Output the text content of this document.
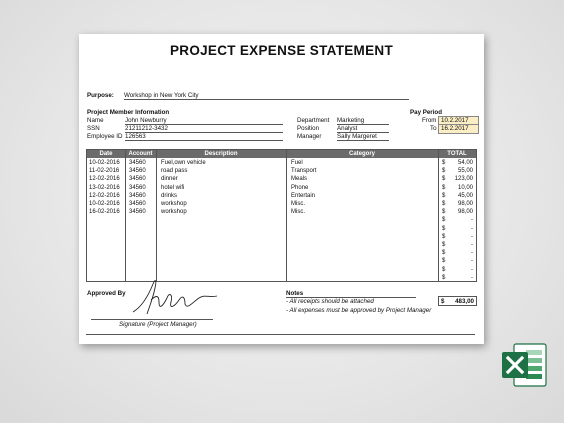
PROJECT EXPENSE STATEMENT
Purpose: Workshop in New York City
Project Member Information
Name	John Newburry
SSN	21211212-3432
Employee ID 126563
Department Marketing
Position	Analyst
Manager	Sally Margeret
Pay Period
From 10.2.2017
To 16.2.2017
Date	Account	Description	Category	TOTAL
10-02-2016 34560	Fuel,own vehicle	Fuel	$ 54,00
11-02-2016 34560	road pass	Transport	$ 55,00
12-02-2016 34560	dinner	Meals	$ 123,00
13-02-2016 34560	hotel wifi	Phone	$ 10,00
12-02-2016 34560	drinks	Entertain	$ 45,00
10-02-2016 34560	workshop	Misc.	$ 98,00
16-02-2016 34560	workshop	Misc.	$ 98,00
$	-
$	-
$	-
$	-
$	-
$	-
$	-
$	-
Approved By
Signature (Project Manager)
Notes
- All receipts should be attached
- All expenses must be approved by Project Manager
$ 483,00
